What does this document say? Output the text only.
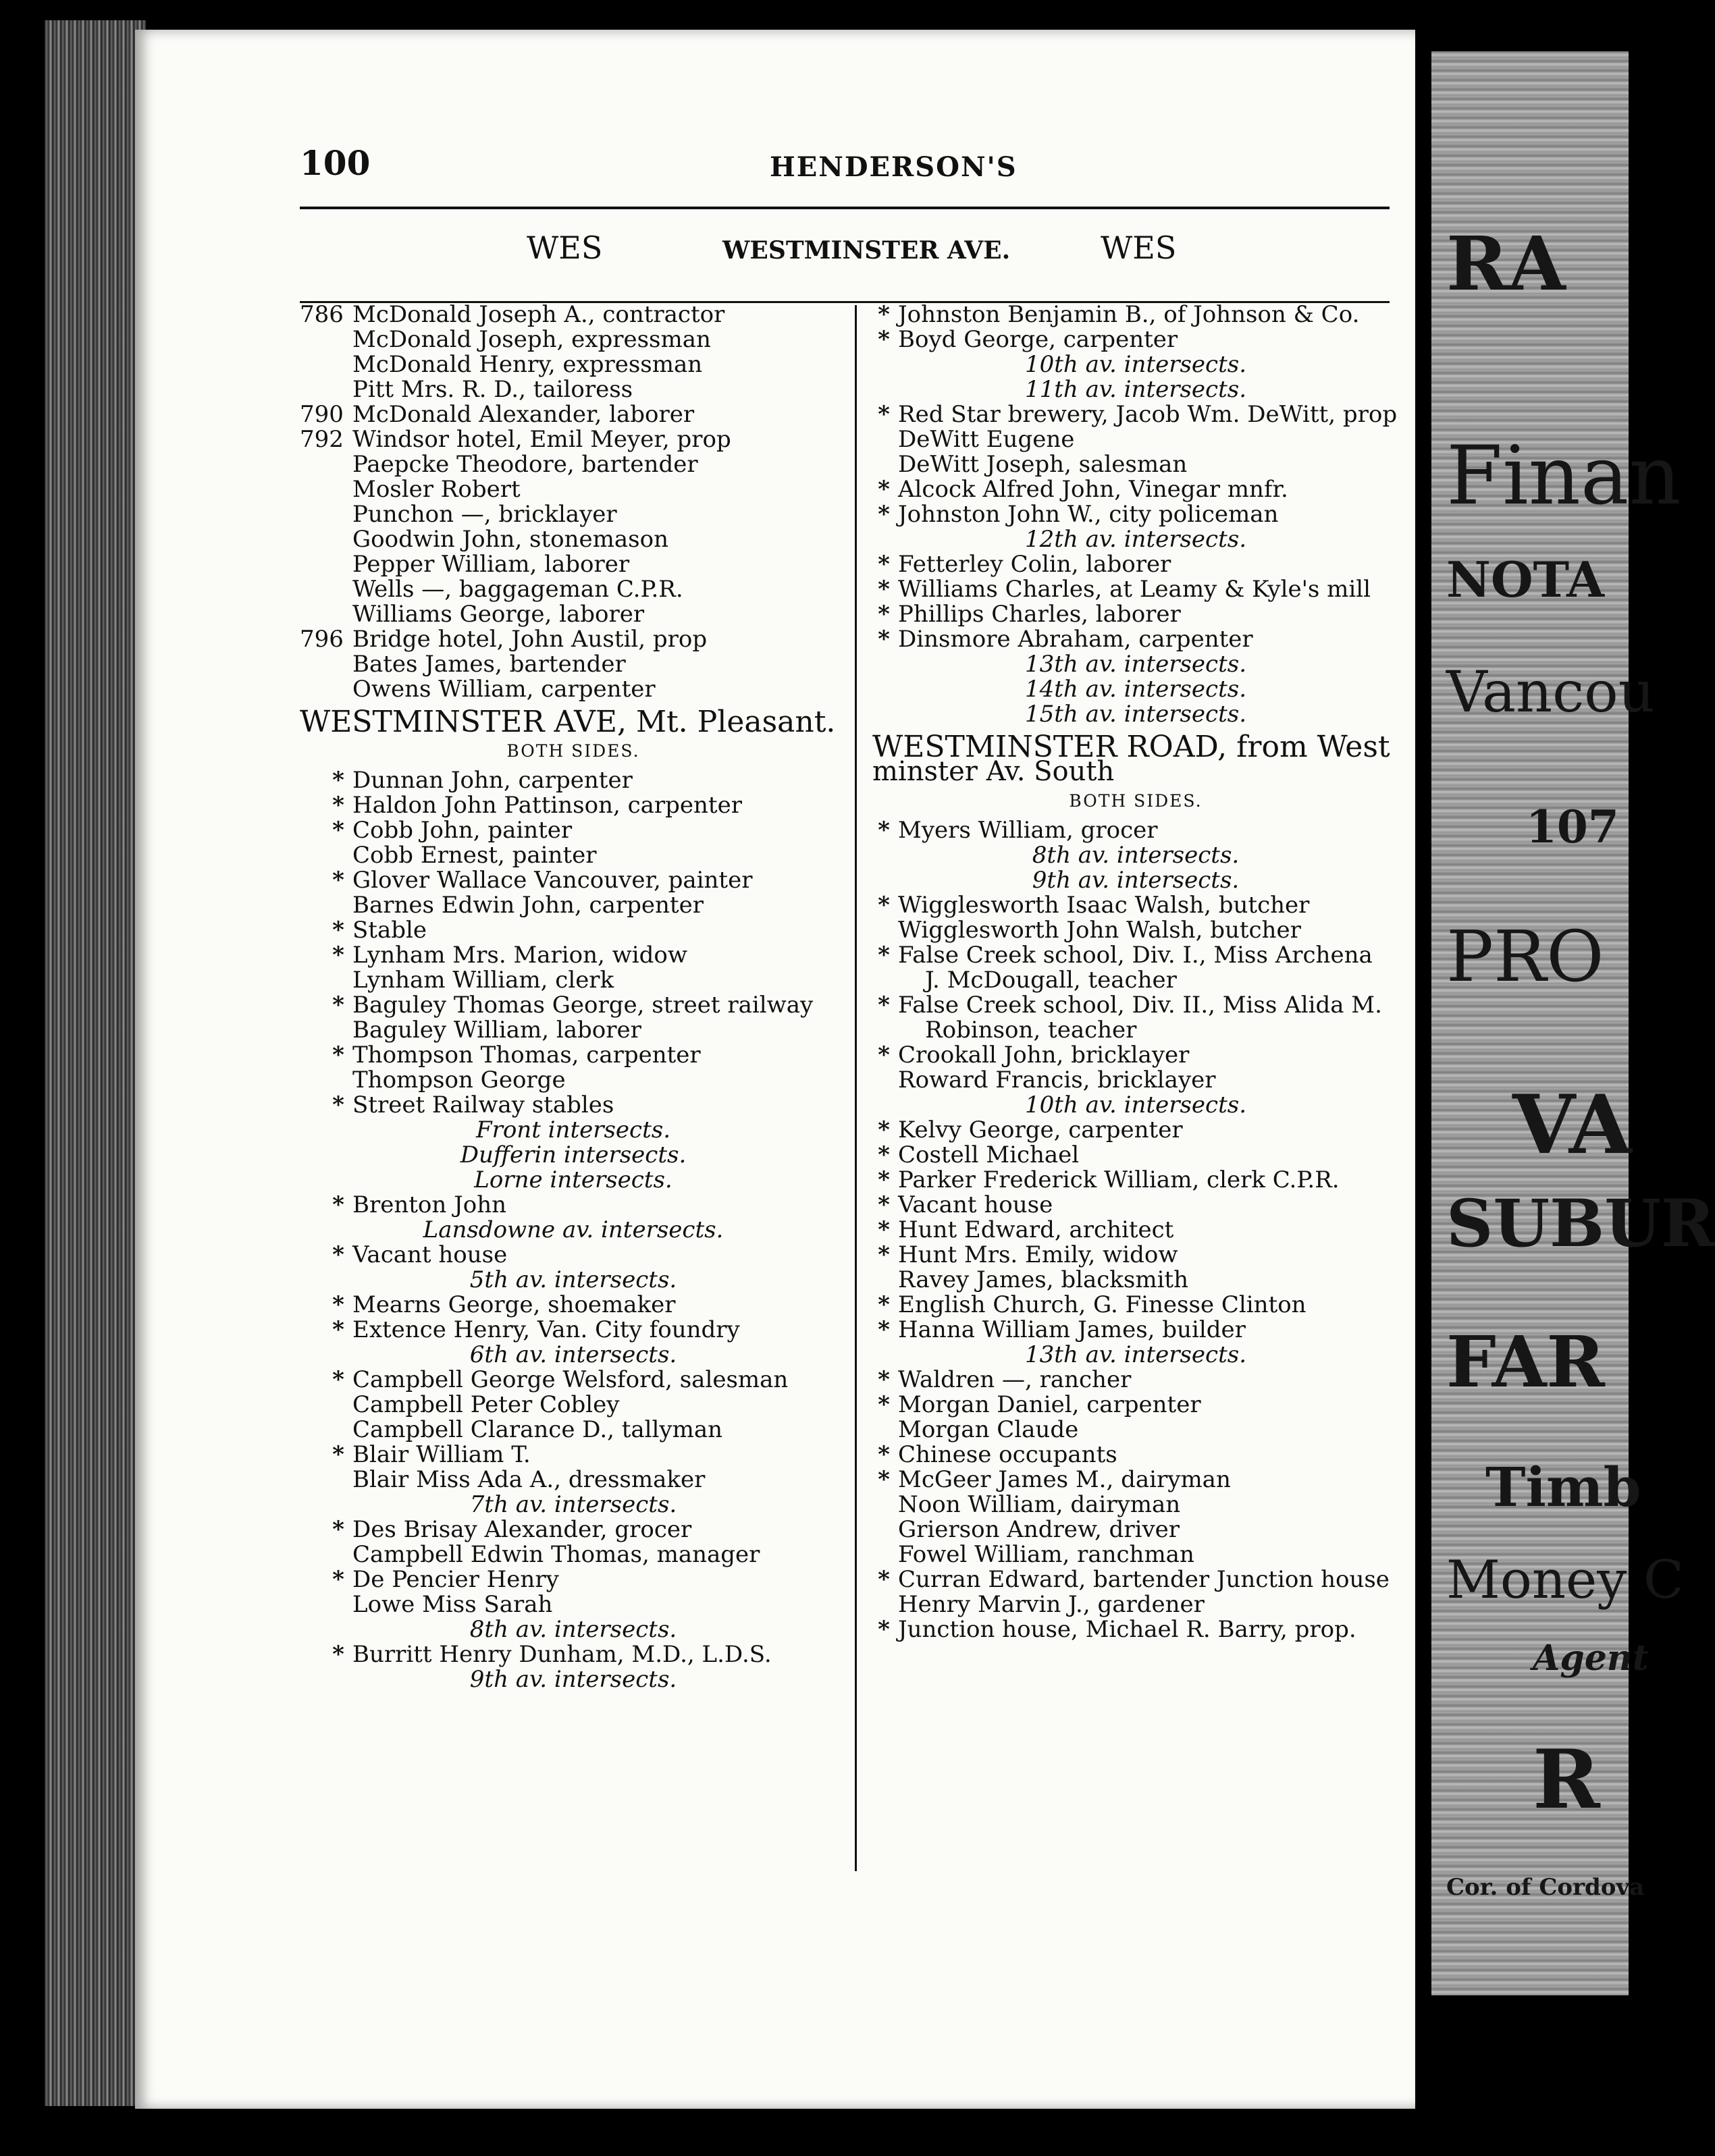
RA
Finan
NOTA
Vancou
107
PRO
VA
SUBUR
FAR
Timb
Money C
Agent
R
Cor. of Cordova
100	HENDERSON'S
WES	WESTMINSTER AVE.	WES
786 McDonald Joseph A., contractor
McDonald Joseph, expressman
McDonald Henry, expressman
Pitt Mrs. R. D., tailoress
790 McDonald Alexander, laborer
792 Windsor hotel, Emil Meyer, prop
Paepcke Theodore, bartender
Mosler Robert
Punchon —, bricklayer
Goodwin John, stonemason
Pepper William, laborer
Wells —, baggageman C.P.R.
Williams George, laborer
796 Bridge hotel, John Austil, prop
Bates James, bartender
Owens William, carpenter
WESTMINSTER AVE, Mt. Pleasant.
BOTH SIDES.
* Dunnan John, carpenter
* Haldon John Pattinson, carpenter
* Cobb John, painter
Cobb Ernest, painter
* Glover Wallace Vancouver, painter
Barnes Edwin John, carpenter
* Stable
* Lynham Mrs. Marion, widow
Lynham William, clerk
* Baguley Thomas George, street railway
Baguley William, laborer
* Thompson Thomas, carpenter
Thompson George
* Street Railway stables
Front intersects.
Dufferin intersects.
Lorne intersects.
* Brenton John
Lansdowne av. intersects.
* Vacant house
5th av. intersects.
* Mearns George, shoemaker
* Extence Henry, Van. City foundry
6th av. intersects.
* Campbell George Welsford, salesman
Campbell Peter Cobley
Campbell Clarance D., tallyman
* Blair William T.
Blair Miss Ada A., dressmaker
7th av. intersects.
* Des Brisay Alexander, grocer
Campbell Edwin Thomas, manager
* De Pencier Henry
Lowe Miss Sarah
8th av. intersects.
* Burritt Henry Dunham, M.D., L.D.S.
9th av. intersects.
* Johnston Benjamin B., of Johnson & Co.
* Boyd George, carpenter
10th av. intersects.
11th av. intersects.
* Red Star brewery, Jacob Wm. DeWitt, prop
DeWitt Eugene
DeWitt Joseph, salesman
* Alcock Alfred John, Vinegar mnfr.
* Johnston John W., city policeman
12th av. intersects.
* Fetterley Colin, laborer
* Williams Charles, at Leamy & Kyle's mill
* Phillips Charles, laborer
* Dinsmore Abraham, carpenter
13th av. intersects.
14th av. intersects.
15th av. intersects.
WESTMINSTER ROAD, from West
minster Av. South
BOTH SIDES.
* Myers William, grocer
8th av. intersects.
9th av. intersects.
* Wigglesworth Isaac Walsh, butcher
Wigglesworth John Walsh, butcher
* False Creek school, Div. I., Miss Archena
J. McDougall, teacher
* False Creek school, Div. II., Miss Alida M.
Robinson, teacher
* Crookall John, bricklayer
Roward Francis, bricklayer
10th av. intersects.
* Kelvy George, carpenter
* Costell Michael
* Parker Frederick William, clerk C.P.R.
* Vacant house
* Hunt Edward, architect
* Hunt Mrs. Emily, widow
Ravey James, blacksmith
* English Church, G. Finesse Clinton
* Hanna William James, builder
13th av. intersects.
* Waldren —, rancher
* Morgan Daniel, carpenter
Morgan Claude
* Chinese occupants
* McGeer James M., dairyman
Noon William, dairyman
Grierson Andrew, driver
Fowel William, ranchman
* Curran Edward, bartender Junction house
Henry Marvin J., gardener
* Junction house, Michael R. Barry, prop.
